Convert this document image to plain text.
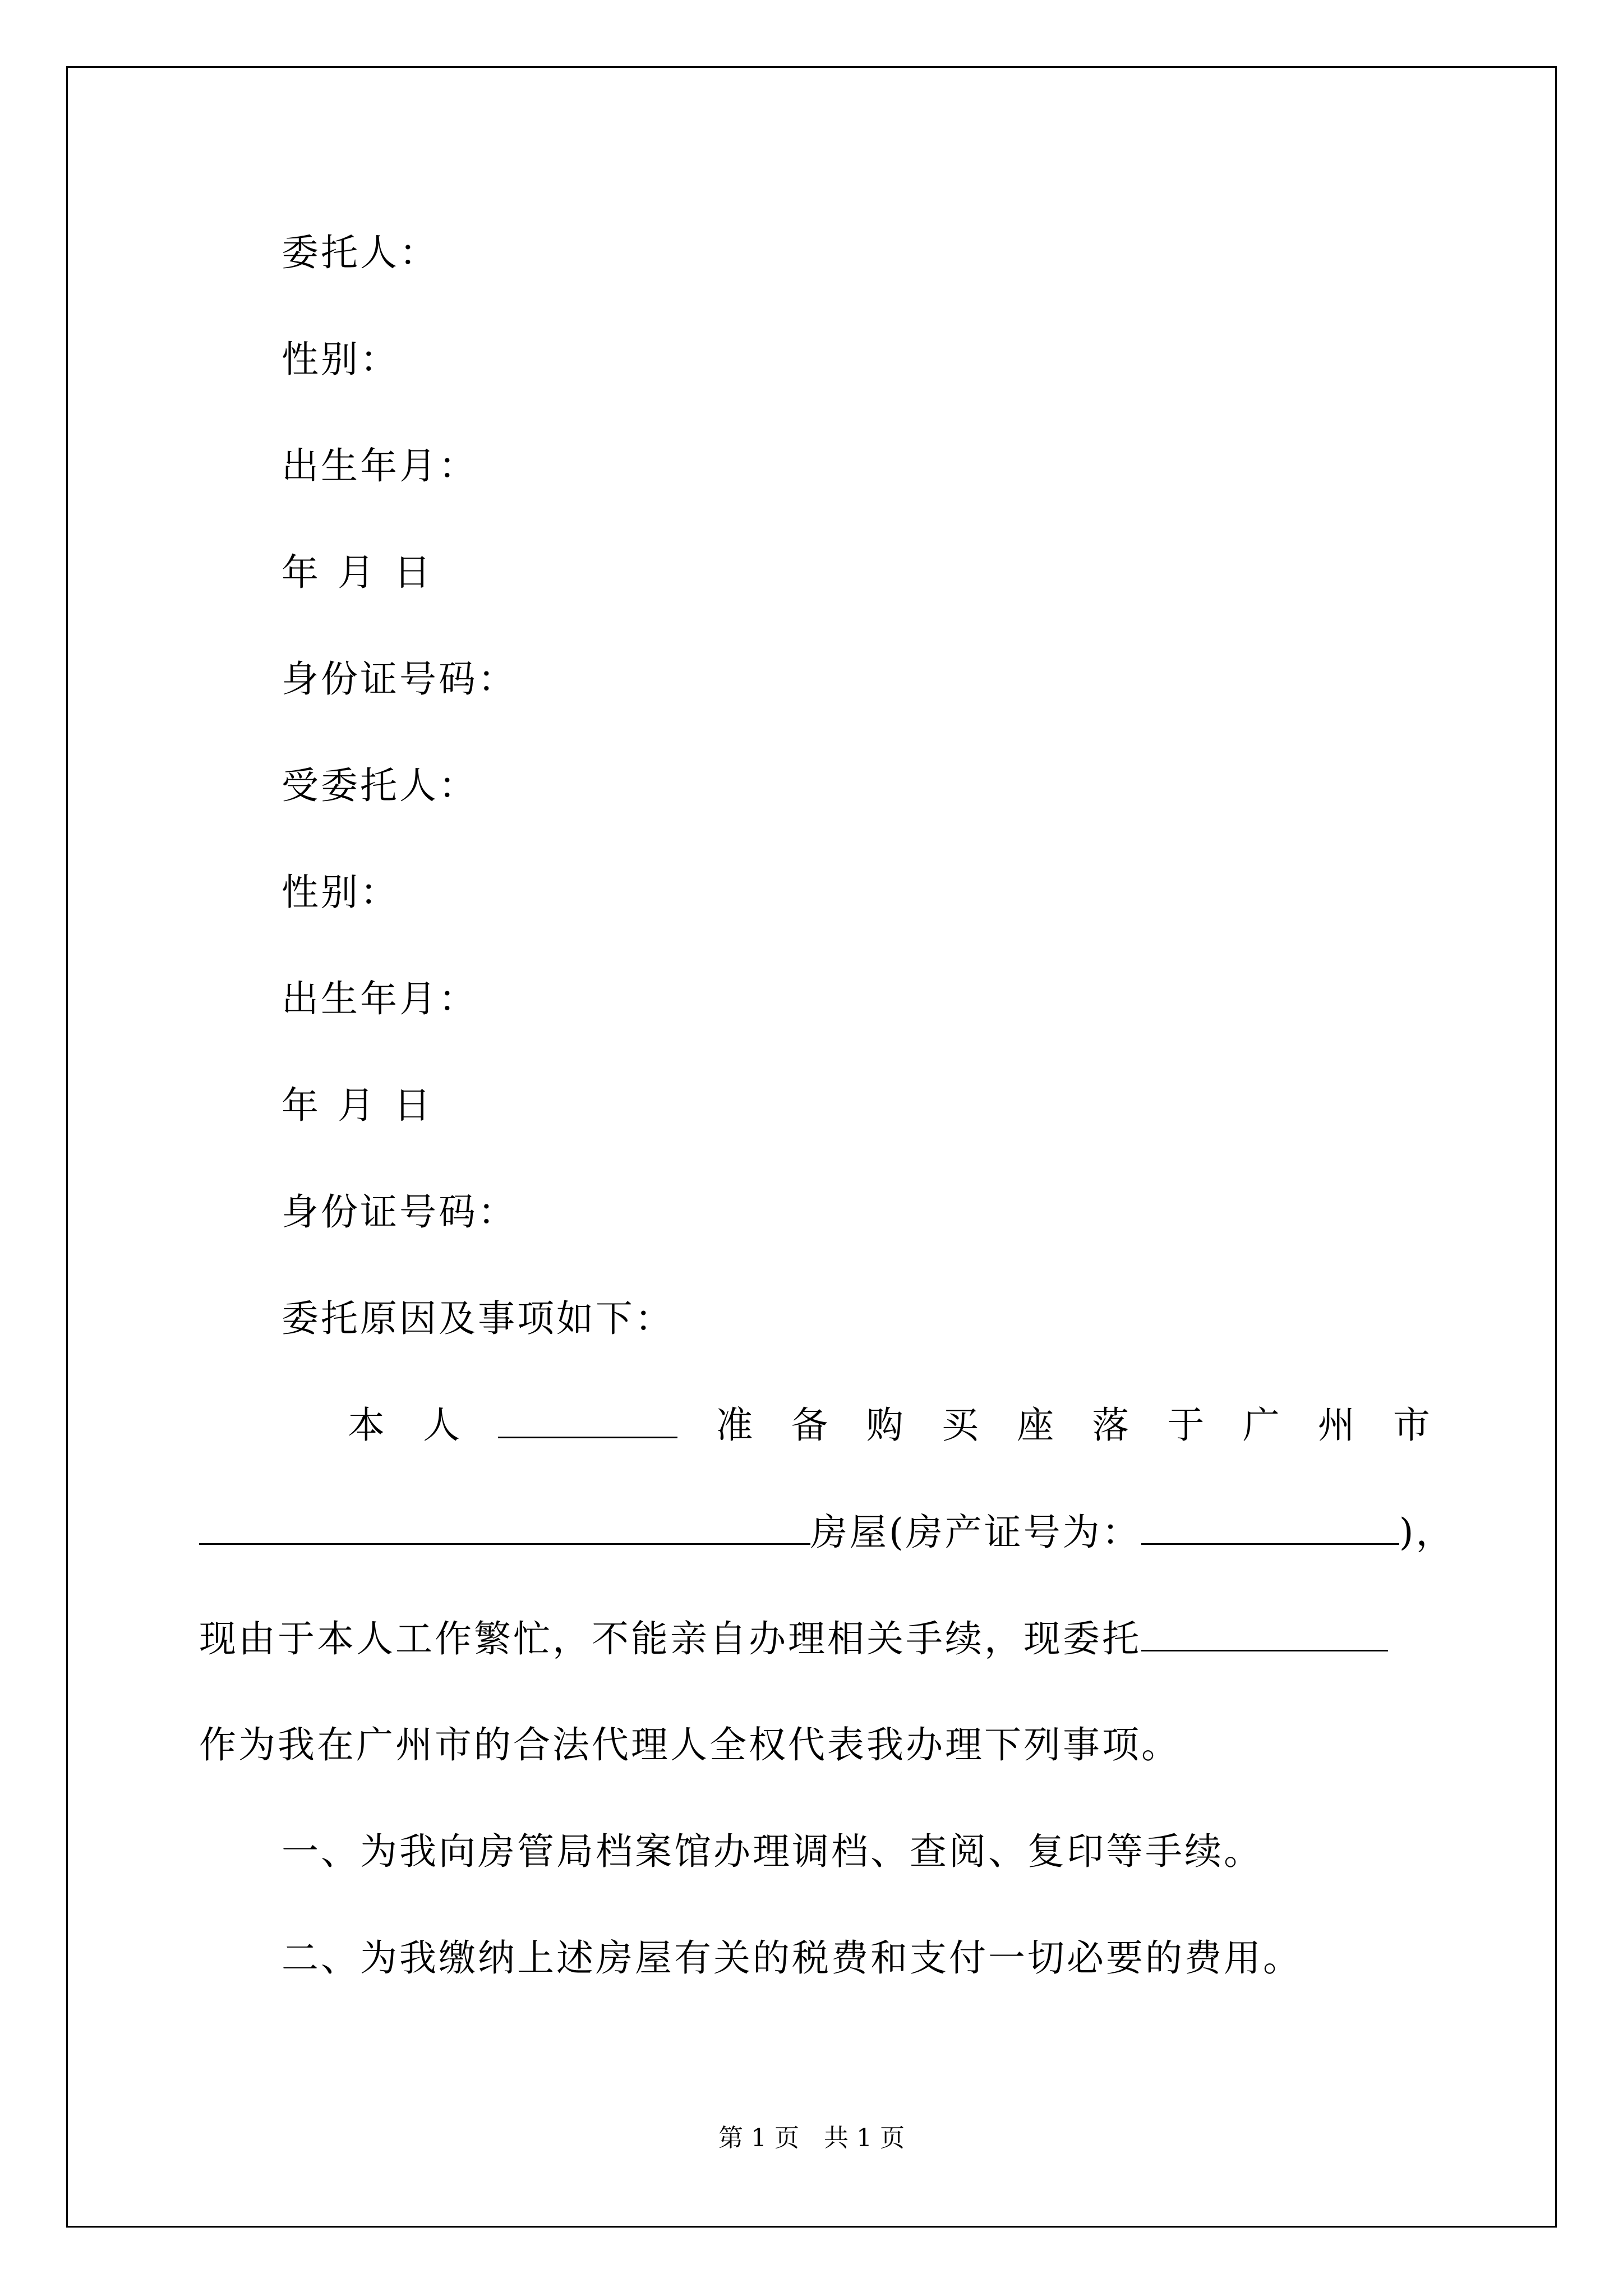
委托人：
性别：
出生年月：
年 月 日
身份证号码：
受委托人：
性别：
出生年月：
年 月 日
身份证号码：
委托原因及事项如下：
本 人	准 备 购 买 座 落 于 广 州 市
房屋(房产证号为：	)，
现由于本人工作繁忙，不能亲自办理相关手续，现委托
作为我在广州市的合法代理人全权代表我办理下列事项。
一、为我向房管局档案馆办理调档、查阅、复印等手续。
二、为我缴纳上述房屋有关的税费和支付一切必要的费用。
第 1 页　共 1 页
